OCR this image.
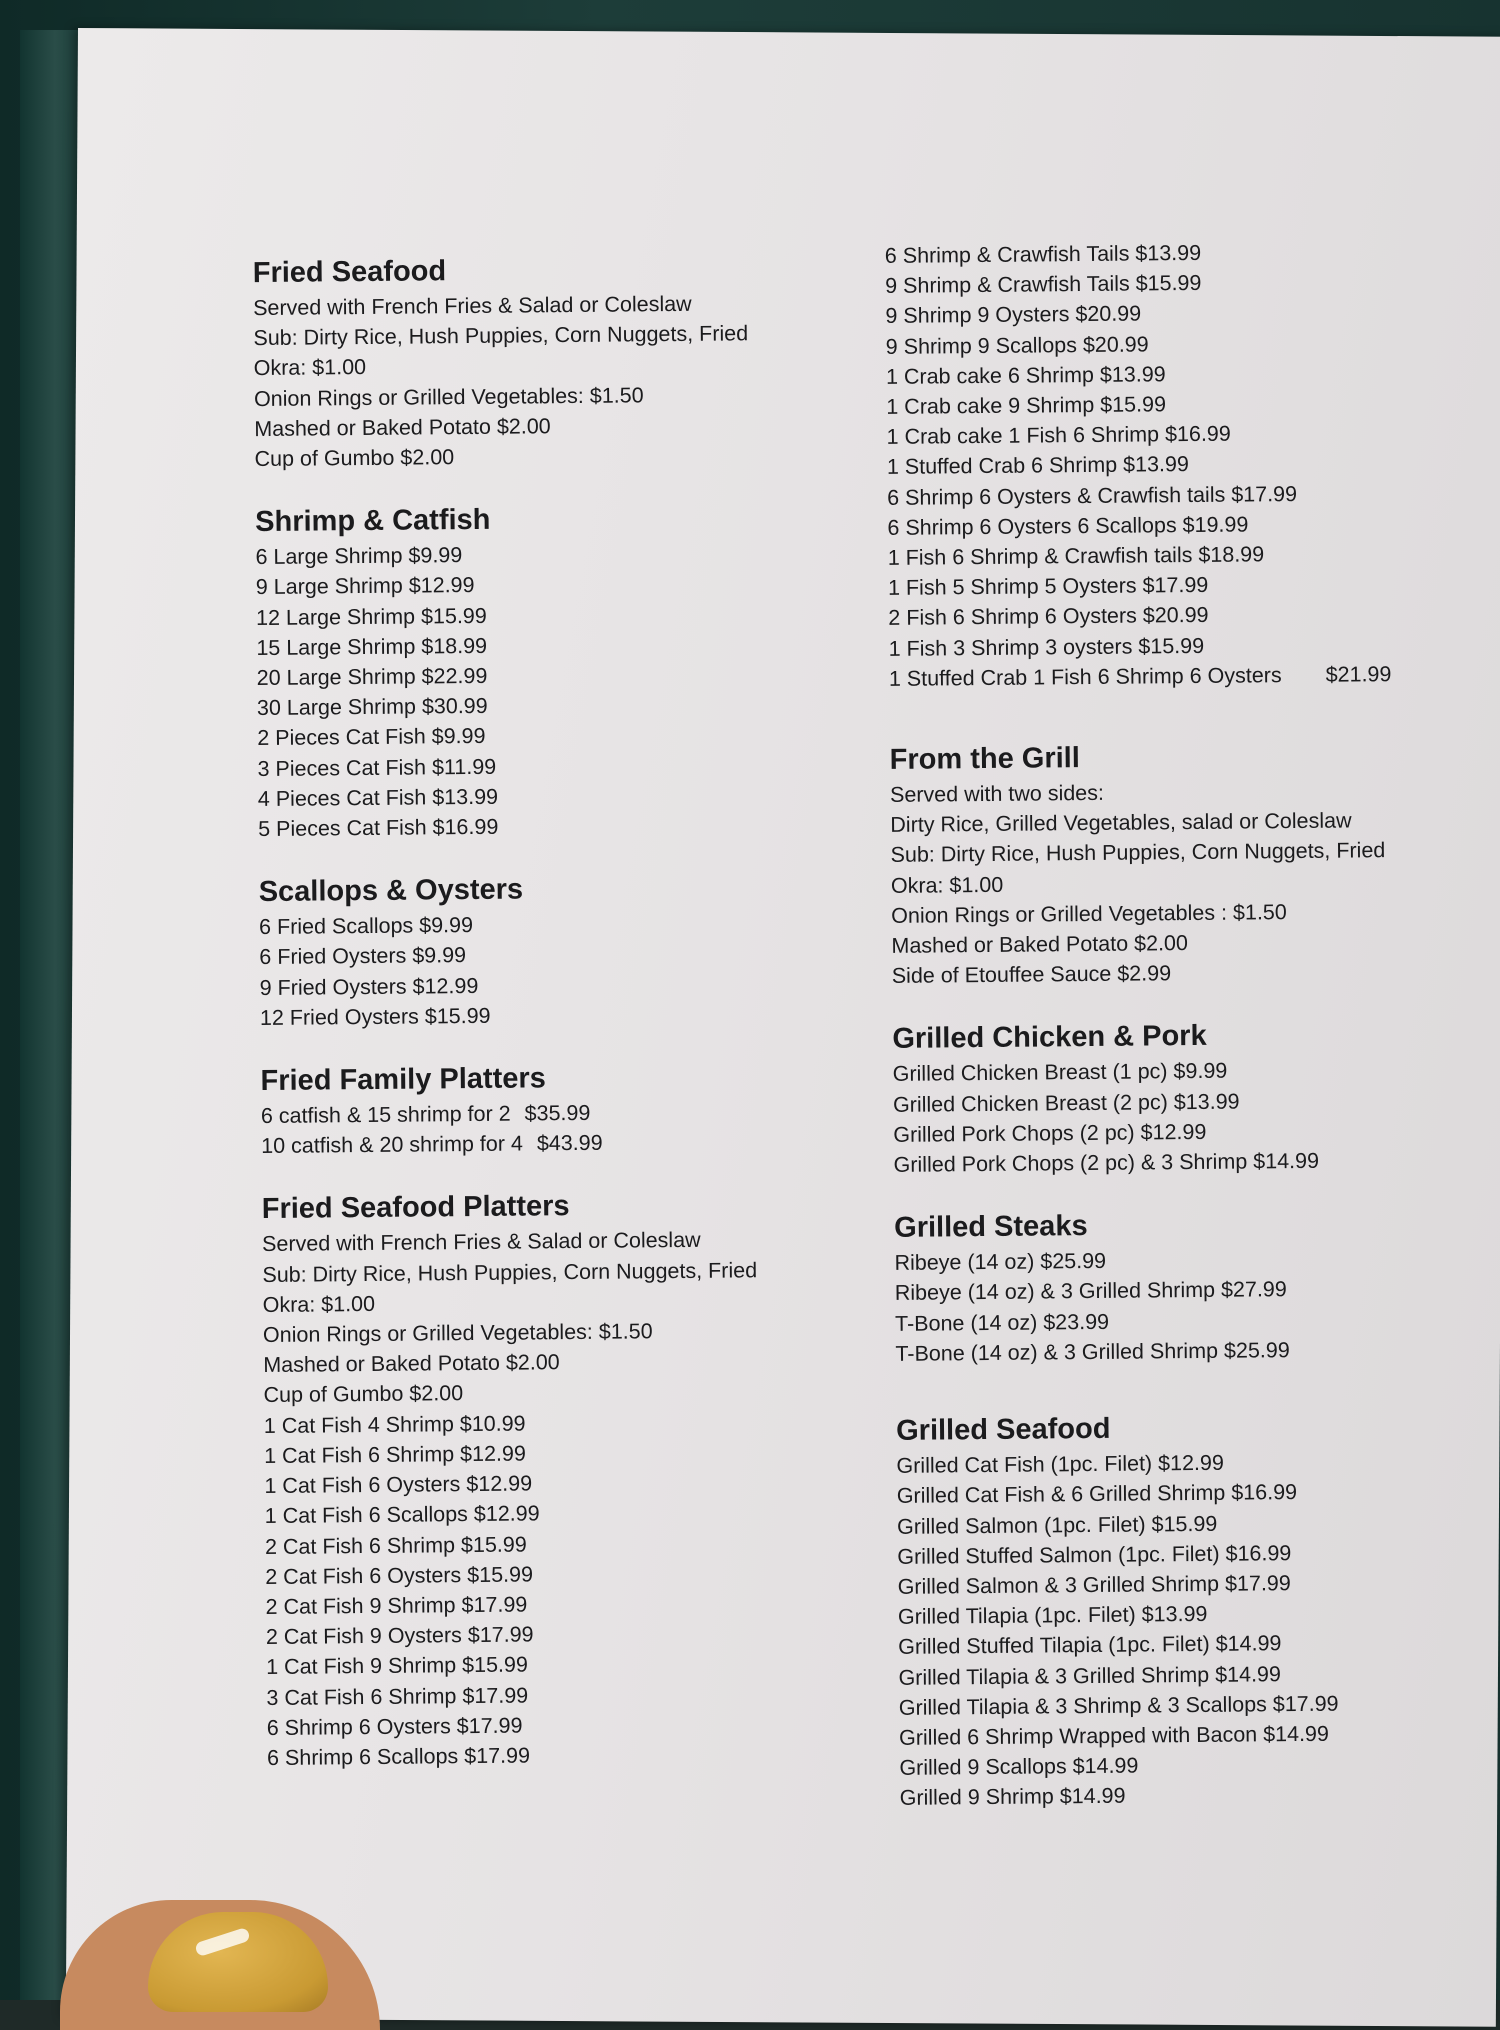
Fried Seafood
Served with French Fries & Salad or Coleslaw
Sub: Dirty Rice, Hush Puppies, Corn Nuggets, Fried
Okra: $1.00
Onion Rings or Grilled Vegetables: $1.50
Mashed or Baked Potato $2.00
Cup of Gumbo $2.00
Shrimp & Catfish
6 Large Shrimp $9.99
9 Large Shrimp $12.99
12 Large Shrimp $15.99
15 Large Shrimp $18.99
20 Large Shrimp $22.99
30 Large Shrimp $30.99
2 Pieces Cat Fish $9.99
3 Pieces Cat Fish $11.99
4 Pieces Cat Fish $13.99
5 Pieces Cat Fish $16.99
Scallops & Oysters
6 Fried Scallops $9.99
6 Fried Oysters $9.99
9 Fried Oysters $12.99
12 Fried Oysters $15.99
Fried Family Platters
6 catfish & 15 shrimp for 2 $35.99
10 catfish & 20 shrimp for 4 $43.99
Fried Seafood Platters
Served with French Fries & Salad or Coleslaw
Sub: Dirty Rice, Hush Puppies, Corn Nuggets, Fried
Okra: $1.00
Onion Rings or Grilled Vegetables: $1.50
Mashed or Baked Potato $2.00
Cup of Gumbo $2.00
1 Cat Fish 4 Shrimp $10.99
1 Cat Fish 6 Shrimp $12.99
1 Cat Fish 6 Oysters $12.99
1 Cat Fish 6 Scallops $12.99
2 Cat Fish 6 Shrimp $15.99
2 Cat Fish 6 Oysters $15.99
2 Cat Fish 9 Shrimp $17.99
2 Cat Fish 9 Oysters $17.99
1 Cat Fish 9 Shrimp $15.99
3 Cat Fish 6 Shrimp $17.99
6 Shrimp 6 Oysters $17.99
6 Shrimp 6 Scallops $17.99
6 Shrimp & Crawfish Tails $13.99
9 Shrimp & Crawfish Tails $15.99
9 Shrimp 9 Oysters $20.99
9 Shrimp 9 Scallops $20.99
1 Crab cake 6 Shrimp $13.99
1 Crab cake 9 Shrimp $15.99
1 Crab cake 1 Fish 6 Shrimp $16.99
1 Stuffed Crab 6 Shrimp $13.99
6 Shrimp 6 Oysters & Crawfish tails $17.99
6 Shrimp 6 Oysters 6 Scallops $19.99
1 Fish 6 Shrimp & Crawfish tails $18.99
1 Fish 5 Shrimp 5 Oysters $17.99
2 Fish 6 Shrimp 6 Oysters $20.99
1 Fish 3 Shrimp 3 oysters $15.99
1 Stuffed Crab 1 Fish 6 Shrimp 6 Oysters $21.99
From the Grill
Served with two sides:
Dirty Rice, Grilled Vegetables, salad or Coleslaw
Sub: Dirty Rice, Hush Puppies, Corn Nuggets, Fried
Okra: $1.00
Onion Rings or Grilled Vegetables : $1.50
Mashed or Baked Potato $2.00
Side of Etouffee Sauce $2.99
Grilled Chicken & Pork
Grilled Chicken Breast (1 pc) $9.99
Grilled Chicken Breast (2 pc) $13.99
Grilled Pork Chops (2 pc) $12.99
Grilled Pork Chops (2 pc) & 3 Shrimp $14.99
Grilled Steaks
Ribeye (14 oz) $25.99
Ribeye (14 oz) & 3 Grilled Shrimp $27.99
T-Bone (14 oz) $23.99
T-Bone (14 oz) & 3 Grilled Shrimp $25.99
Grilled Seafood
Grilled Cat Fish (1pc. Filet) $12.99
Grilled Cat Fish & 6 Grilled Shrimp $16.99
Grilled Salmon (1pc. Filet) $15.99
Grilled Stuffed Salmon (1pc. Filet) $16.99
Grilled Salmon & 3 Grilled Shrimp $17.99
Grilled Tilapia (1pc. Filet) $13.99
Grilled Stuffed Tilapia (1pc. Filet) $14.99
Grilled Tilapia & 3 Grilled Shrimp $14.99
Grilled Tilapia & 3 Shrimp & 3 Scallops $17.99
Grilled 6 Shrimp Wrapped with Bacon $14.99
Grilled 9 Scallops $14.99
Grilled 9 Shrimp $14.99
